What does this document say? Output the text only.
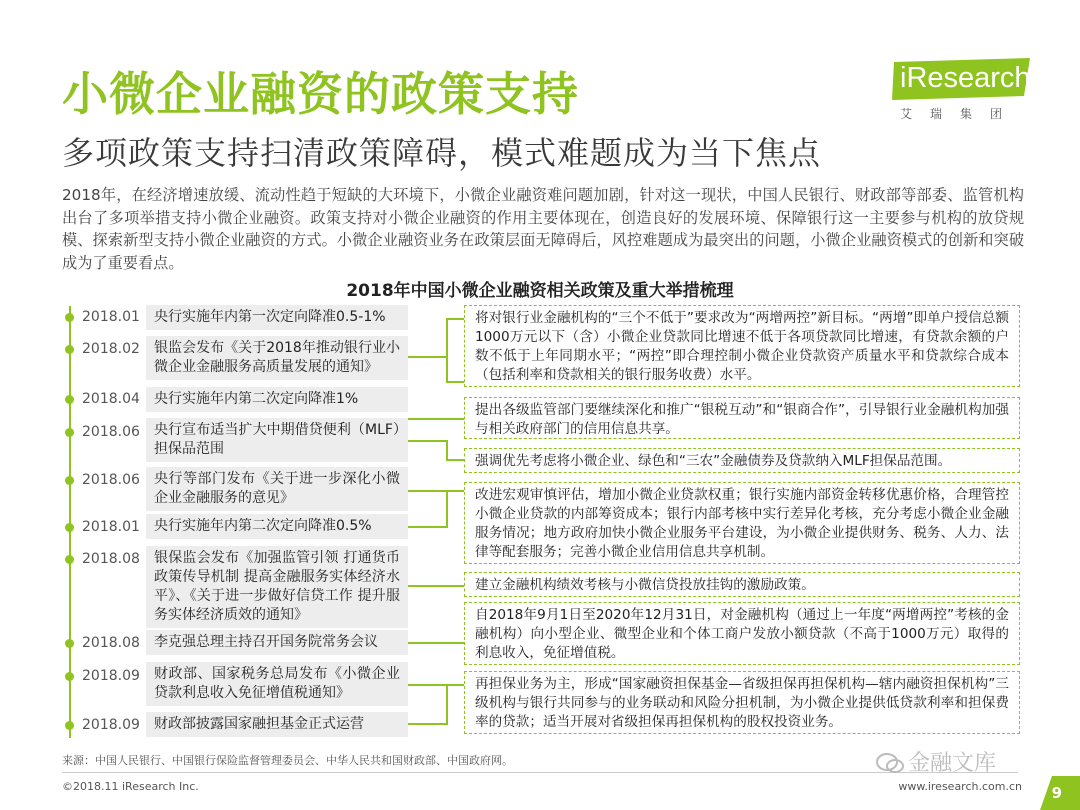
小微企业融资的政策支持
多项政策支持扫清政策障碍，模式难题成为当下焦点
iResearch
艾瑞集团
2018年，在经济增速放缓、流动性趋于短缺的大环境下，小微企业融资难问题加剧，针对这一现状，中国人民银行、财政部等部委、监管机构出台了多项举措支持小微企业融资。政策支持对小微企业融资的作用主要体现在，创造良好的发展环境、保障银行这一主要参与机构的放贷规模、探索新型支持小微企业融资的方式。小微企业融资业务在政策层面无障碍后，风控难题成为最突出的问题，小微企业融资模式的创新和突破成为了重要看点。
2018年中国小微企业融资相关政策及重大举措梳理
2018.01	央行实施年内第一次定向降准0.5-1%
2018.02	银监会发布《关于2018年推动银行业小微企业金融服务高质量发展的通知》
2018.04	央行实施年内第二次定向降准1%
2018.06	央行宣布适当扩大中期借贷便利（MLF）担保品范围
2018.06	央行等部门发布《关于进一步深化小微企业金融服务的意见》
2018.01	央行实施年内第二次定向降准0.5%
2018.08	银保监会发布《加强监管引领 打通货币政策传导机制 提高金融服务实体经济水平》、《关于进一步做好信贷工作 提升服务实体经济质效的通知》
2018.08	李克强总理主持召开国务院常务会议
2018.09	财政部、国家税务总局发布《小微企业贷款利息收入免征增值税通知》
2018.09	财政部披露国家融担基金正式运营
将对银行业金融机构的“三个不低于”要求改为“两增两控”新目标。“两增”即单户授信总额1000万元以下（含）小微企业贷款同比增速不低于各项贷款同比增速，有贷款余额的户数不低于上年同期水平；“两控”即合理控制小微企业贷款资产质量水平和贷款综合成本（包括利率和贷款相关的银行服务收费）水平。
提出各级监管部门要继续深化和推广“银税互动”和“银商合作”，引导银行业金融机构加强与相关政府部门的信用信息共享。
强调优先考虑将小微企业、绿色和“三农”金融债券及贷款纳入MLF担保品范围。
改进宏观审慎评估，增加小微企业贷款权重；银行实施内部资金转移优惠价格，合理管控小微企业贷款的内部筹资成本；银行内部考核中实行差异化考核，充分考虑小微企业金融服务情况；地方政府加快小微企业服务平台建设，为小微企业提供财务、税务、人力、法律等配套服务；完善小微企业信用信息共享机制。
建立金融机构绩效考核与小微信贷投放挂钩的激励政策。
自2018年9月1日至2020年12月31日，对金融机构（通过上一年度“两增两控”考核的金融机构）向小型企业、微型企业和个体工商户发放小额贷款（不高于1000万元）取得的利息收入，免征增值税。
再担保业务为主，形成“国家融资担保基金—省级担保再担保机构—辖内融资担保机构”三级机构与银行共同参与的业务联动和风险分担机制，为小微企业提供低贷款利率和担保费率的贷款；适当开展对省级担保再担保机构的股权投资业务。
来源：中国人民银行、中国银行保险监督管理委员会、中华人民共和国财政部、中国政府网。
©2018.11 iResearch Inc.	www.iresearch.com.cn
金融文库
9
